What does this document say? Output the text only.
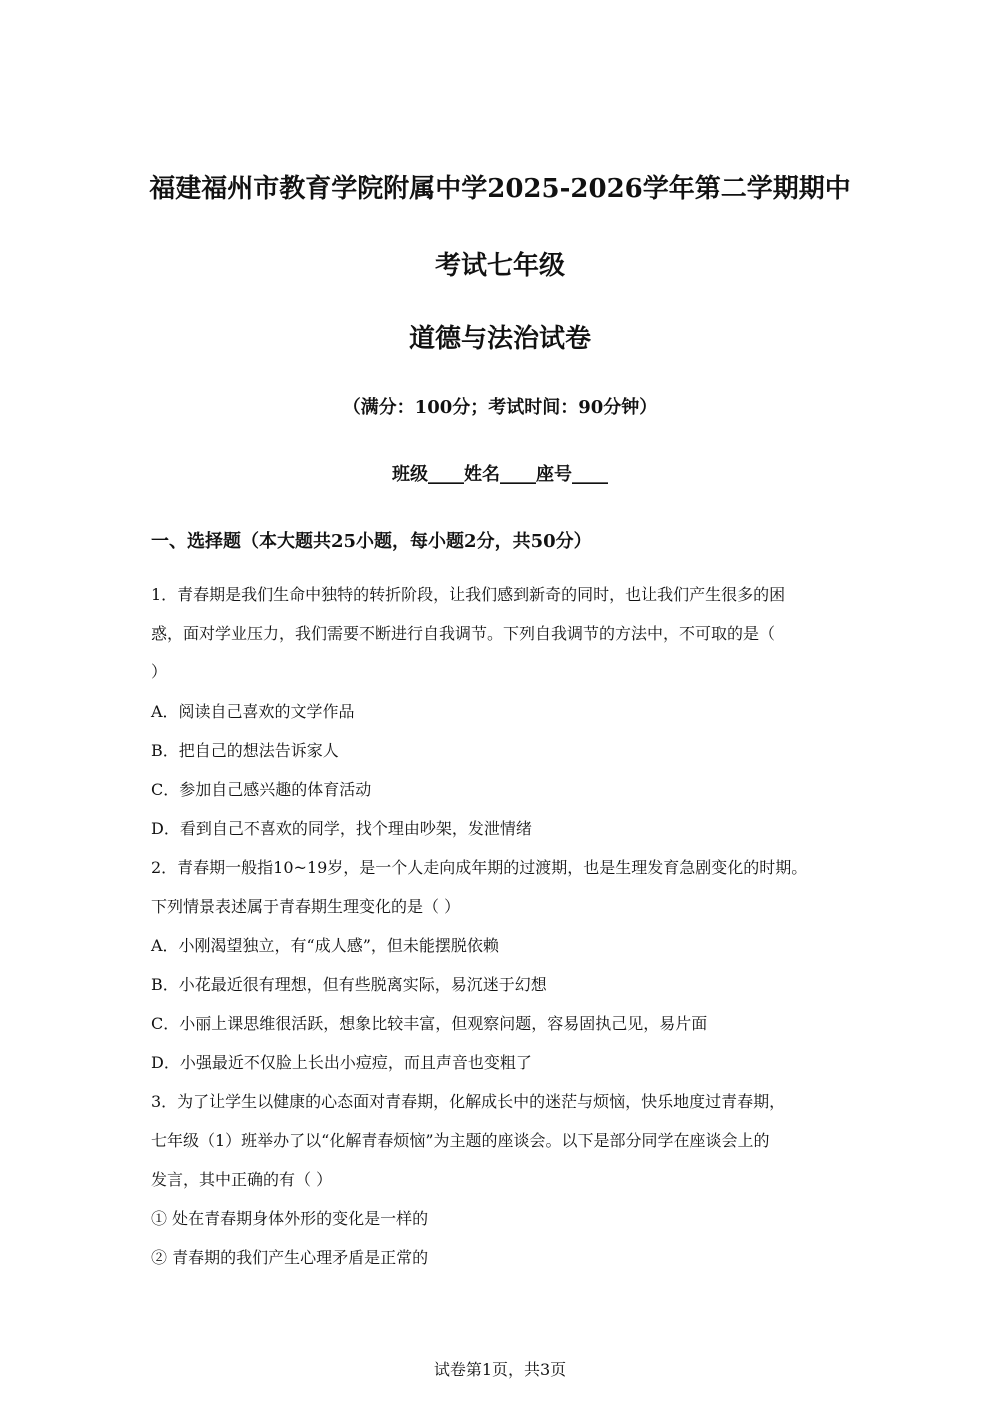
福建福州市教育学院附属中学2025-2026学年第二学期期中
考试七年级
道德与法治试卷
（满分：100分；考试时间：90分钟）
班级____姓名____座号____
一、选择题（本大题共25小题，每小题2分，共50分）
1．青春期是我们生命中独特的转折阶段，让我们感到新奇的同时，也让我们产生很多的困
惑，面对学业压力，我们需要不断进行自我调节。下列自我调节的方法中，不可取的是（
）
A．阅读自己喜欢的文学作品
B．把自己的想法告诉家人
C．参加自己感兴趣的体育活动
D．看到自己不喜欢的同学，找个理由吵架，发泄情绪
2．青春期一般指10~19岁，是一个人走向成年期的过渡期，也是生理发育急剧变化的时期。
下列情景表述属于青春期生理变化的是（ ）
A．小刚渴望独立，有“成人感”，但未能摆脱依赖
B．小花最近很有理想，但有些脱离实际，易沉迷于幻想
C．小丽上课思维很活跃，想象比较丰富，但观察问题，容易固执己见，易片面
D．小强最近不仅脸上长出小痘痘，而且声音也变粗了
3．为了让学生以健康的心态面对青春期，化解成长中的迷茫与烦恼，快乐地度过青春期，
七年级（1）班举办了以“化解青春烦恼”为主题的座谈会。以下是部分同学在座谈会上的
发言，其中正确的有（ ）
① 处在青春期身体外形的变化是一样的
② 青春期的我们产生心理矛盾是正常的
试卷第1页，共3页
